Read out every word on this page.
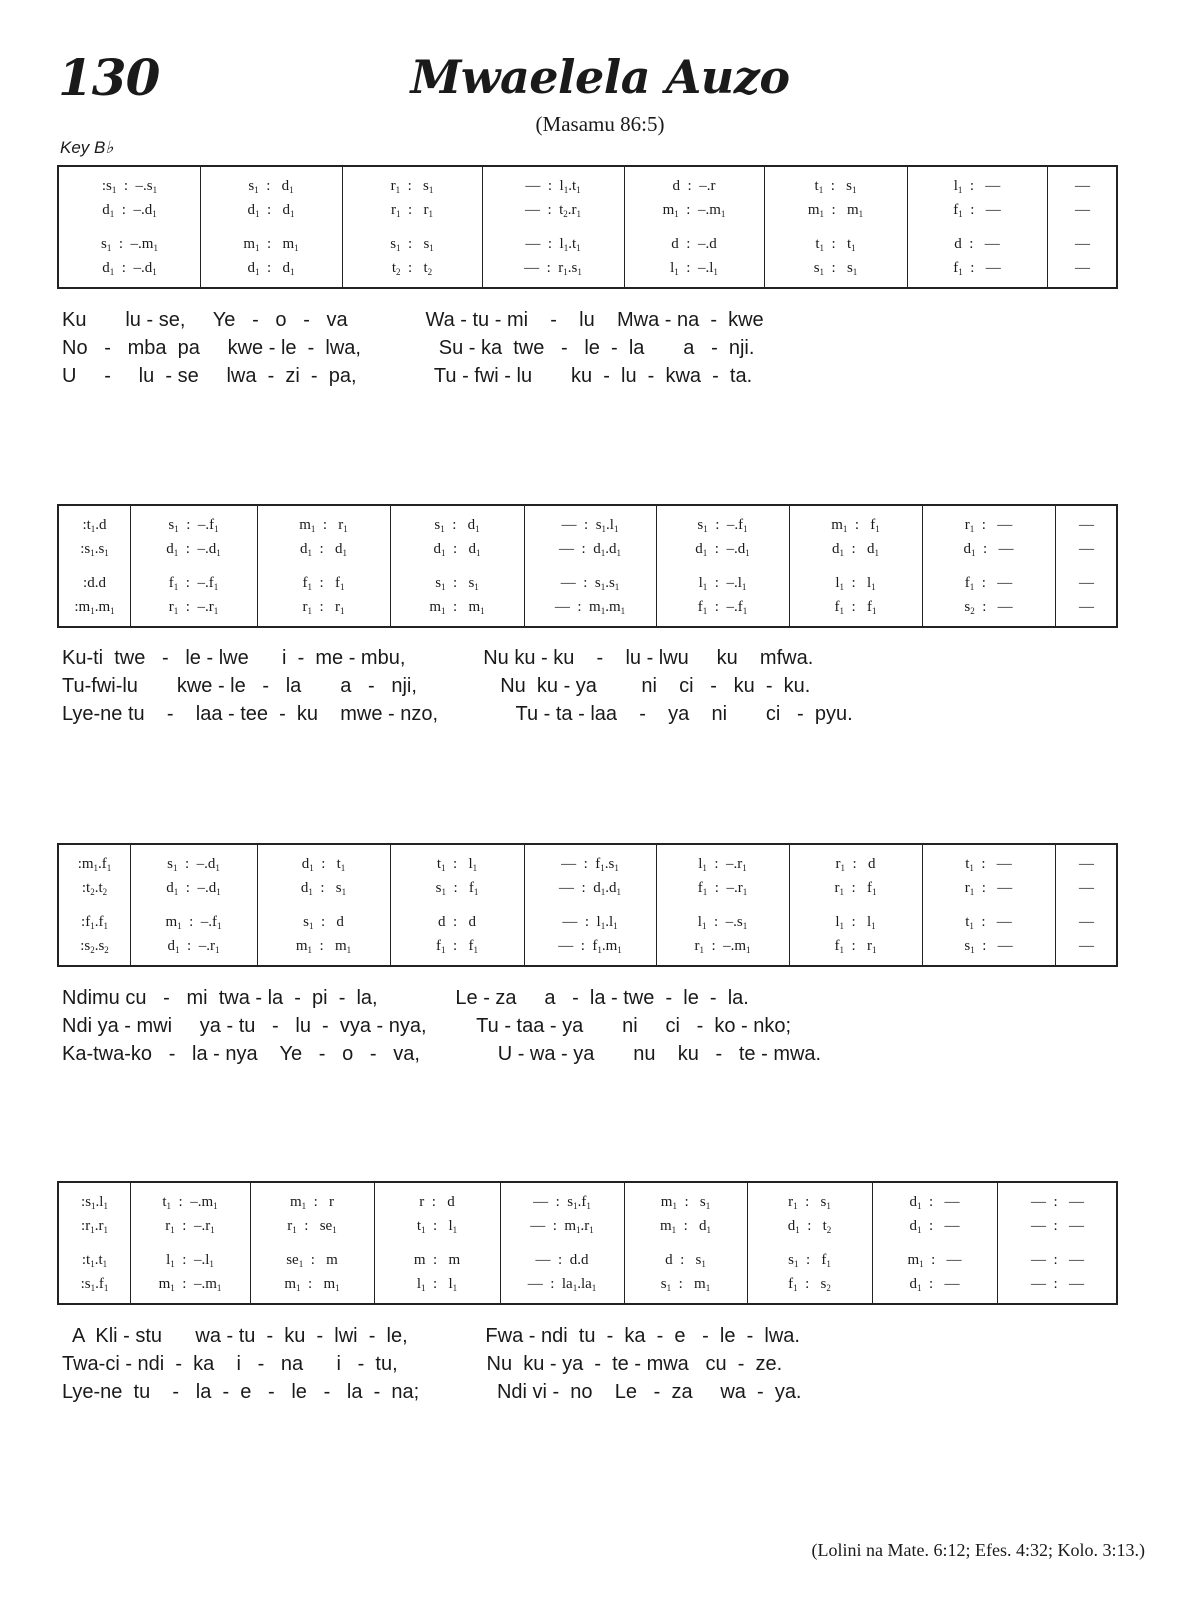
130	Mwaelela Auzo
(Masamu 86:5)
Key B♭
$:s_1$  :  $-.s_1$	$s_1$  :   $d_1$	$r_1$  :   $s_1$	—  :  $l_1.t_1$	d  :  –.r	$t_1$  :   $s_1$	$l_1$  :   —	—
$d_1$  :  $-.d_1$	$d_1$  :   $d_1$	$r_1$  :   $r_1$	—  :  $t_2.r_1$	$m_1$  :  $-.m_1$	$m_1$  :   $m_1$	$f_1$  :   —	—
$s_1$  :  $-.m_1$	$m_1$  :   $m_1$	$s_1$  :   $s_1$	—  :  $l_1.t_1$	d  :  –.d	$t_1$  :   $t_1$	d  :   —	—
$d_1$  :  $-.d_1$	$d_1$  :   $d_1$	$t_2$  :   $t_2$	—  :  $r_1.s_1$	$l_1$  :  $-.l_1$	$s_1$  :   $s_1$	$f_1$  :   —	—
Ku       lu - se,     Ye   -   o   -   va              Wa - tu - mi    -    lu    Mwa - na  -  kwe
No   -   mba  pa     kwe - le  -  lwa,              Su - ka  twe   -   le  -  la       a   -  nji.
U     -     lu  - se     lwa  -  zi  -  pa,              Tu - fwi - lu       ku  -  lu  -  kwa  -  ta.
$:t_1.d$	$s_1$  :  $-.f_1$	$m_1$  :   $r_1$	$s_1$  :   $d_1$	—  :  $s_1.l_1$	$s_1$  :  $-.f_1$	$m_1$  :   $f_1$	$r_1$  :   —	—
$:s_1.s_1$	$d_1$  :  $-.d_1$	$d_1$  :   $d_1$	$d_1$  :   $d_1$	—  :  $d_1.d_1$	$d_1$  :  $-.d_1$	$d_1$  :   $d_1$	$d_1$  :   —	—
:d.d	$f_1$  :  $-.f_1$	$f_1$  :   $f_1$	$s_1$  :   $s_1$	—  :  $s_1.s_1$	$l_1$  :  $-.l_1$	$l_1$  :   $l_1$	$f_1$  :   —	—
$:m_1.m_1$	$r_1$  :  $-.r_1$	$r_1$  :   $r_1$	$m_1$  :   $m_1$	—  :  $m_1.m_1$	$f_1$  :  $-.f_1$	$f_1$  :   $f_1$	$s_2$  :   —	—
Ku-ti  twe   -   le - lwe      i  -  me - mbu,              Nu ku - ku    -    lu - lwu     ku    mfwa.
Tu-fwi-lu       kwe - le   -   la       a   -   nji,               Nu  ku - ya        ni    ci   -   ku  -  ku.
Lye-ne tu    -    laa - tee  -  ku    mwe - nzo,              Tu - ta - laa    -    ya    ni       ci   -  pyu.
$:m_1.f_1$	$s_1$  :  $-.d_1$	$d_1$  :   $t_1$	$t_1$  :   $l_1$	—  :  $f_1.s_1$	$l_1$  :  $-.r_1$	$r_1$  :   d	$t_1$  :   —	—
$:t_2.t_2$	$d_1$  :  $-.d_1$	$d_1$  :   $s_1$	$s_1$  :   $f_1$	—  :  $d_1.d_1$	$f_1$  :  $-.r_1$	$r_1$  :   $f_1$	$r_1$  :   —	—
$:f_1.f_1$	$m_1$  :  $-.f_1$	$s_1$  :   d	d  :   d	—  :  $l_1.l_1$	$l_1$  :  $-.s_1$	$l_1$  :   $l_1$	$t_1$  :   —	—
$:s_2.s_2$	$d_1$  :  $-.r_1$	$m_1$  :   $m_1$	$f_1$  :   $f_1$	—  :  $f_1.m_1$	$r_1$  :  $-.m_1$	$f_1$  :   $r_1$	$s_1$  :   —	—
Ndimu cu   -   mi  twa - la  -  pi  -  la,              Le - za     a   -  la - twe  -  le  -  la.
Ndi ya - mwi     ya - tu   -   lu  -  vya - nya,         Tu - taa - ya       ni     ci   -  ko - nko;
Ka-twa-ko   -   la - nya    Ye   -   o   -   va,              U - wa - ya       nu    ku   -   te - mwa.
$:s_1.l_1$	$t_1$  :  $-.m_1$	$m_1$  :   r	r  :   d	—  :  $s_1.f_1$	$m_1$  :   $s_1$	$r_1$  :   $s_1$	$d_1$  :   —	—  :   —
$:r_1.r_1$	$r_1$  :  $-.r_1$	$r_1$  :   $se_1$	$t_1$  :   $l_1$	—  :  $m_1.r_1$	$m_1$  :   $d_1$	$d_1$  :   $t_2$	$d_1$  :   —	—  :   —
$:t_1.t_1$	$l_1$  :  $-.l_1$	$se_1$  :   m	m  :   m	—  :  d.d	d  :   $s_1$	$s_1$  :   $f_1$	$m_1$  :   —	—  :   —
$:s_1.f_1$	$m_1$  :  $-.m_1$	$m_1$  :   $m_1$	$l_1$  :   $l_1$	—  :  $la_1.la_1$	$s_1$  :   $m_1$	$f_1$  :   $s_2$	$d_1$  :   —	—  :   —
A  Kli - stu      wa - tu  -  ku  -  lwi  -  le,              Fwa - ndi  tu  -  ka  -  e   -  le  -  lwa.
Twa-ci - ndi  -  ka    i   -   na      i   -  tu,                Nu  ku - ya  -  te - mwa   cu  -  ze.
Lye-ne  tu    -   la  -  e   -   le   -   la  -  na;              Ndi vi -  no    Le   -  za     wa  -  ya.
(Lolini na Mate. 6:12; Efes. 4:32; Kolo. 3:13.)
